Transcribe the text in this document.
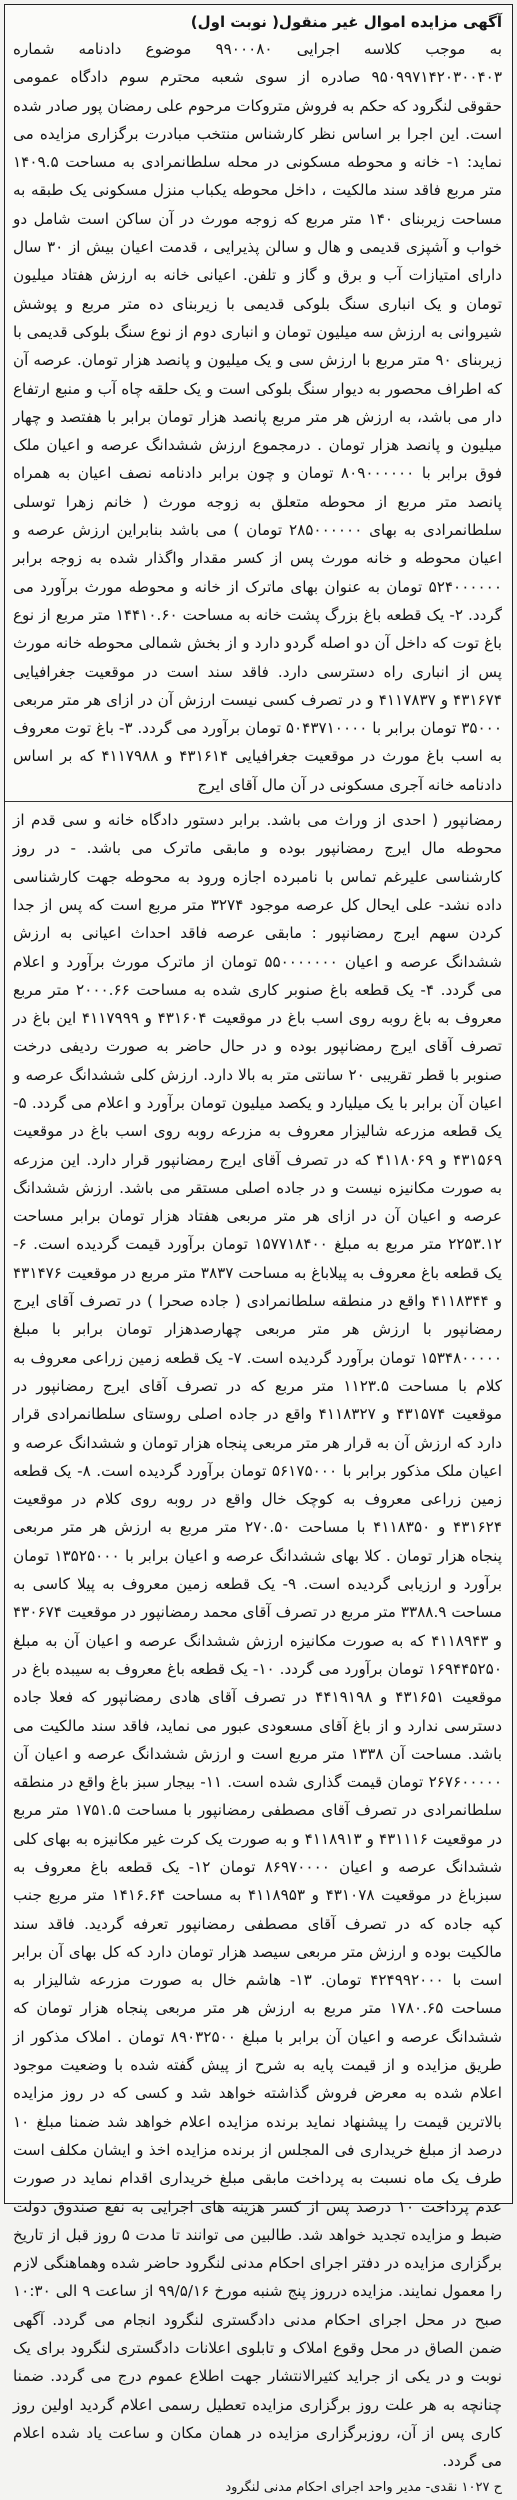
آگهی مزایده اموال غیر منقول( نوبت اول)

به موجب کلاسه اجرایی ۹۹۰۰۰۸۰ موضوع دادنامه شماره ۹۵۰۹۹۷۱۴۲۰۳۰۰۴۰۳ صادره از سوی شعبه محترم سوم دادگاه عمومی حقوقی لنگرود که حکم به فروش متروکات مرحوم علی رمضان پور صادر شده است. این اجرا بر اساس نظر کارشناس منتخب مبادرت برگزاری مزایده می نماید: ۱- خانه و محوطه مسکونی در محله سلطانمرادی به مساحت ۱۴۰۹.۵ متر مربع فاقد سند مالکیت ، داخل محوطه یکباب منزل مسکونی یک طبقه به مساحت زیربنای ۱۴۰ متر مربع که زوجه مورث در آن ساکن است شامل دو خواب و آشپزی قدیمی و هال و سالن پذیرایی ، قدمت اعیان بیش از ۳۰ سال دارای امتیازات آب و برق و گاز و تلفن. اعیانی خانه به ارزش هفتاد میلیون تومان و یک انباری سنگ بلوکی قدیمی با زیربنای ده متر مربع و پوشش شیروانی به ارزش سه میلیون تومان و انباری دوم از نوع سنگ بلوکی قدیمی با زیربنای ۹۰ متر مربع با ارزش سی و یک میلیون و پانصد هزار تومان. عرصه آن که اطراف محصور به دیوار سنگ بلوکی است و یک حلقه چاه آب و منبع ارتفاع دار می باشد، به ارزش هر متر مربع پانصد هزار تومان برابر با هفتصد و چهار میلیون و پانصد هزار تومان . درمجموع ارزش ششدانگ عرصه و اعیان ملک فوق برابر با ۸۰۹۰۰۰۰۰۰ تومان و چون برابر دادنامه نصف اعیان به همراه پانصد متر مربع از محوطه متعلق به زوجه مورث ( خانم زهرا توسلی سلطانمرادی به بهای ۲۸۵۰۰۰۰۰۰ تومان ) می باشد بنابراین ارزش عرصه و اعیان محوطه و خانه مورث پس از کسر مقدار واگذار شده به زوجه برابر ۵۲۴۰۰۰۰۰۰ تومان به عنوان بهای ماترک از خانه و محوطه مورث برآورد می گردد. ۲- یک قطعه باغ بزرگ پشت خانه به مساحت ۱۴۴۱۰.۶۰ متر مربع از نوع باغ توت که داخل آن دو اصله گردو دارد و از بخش شمالی محوطه خانه مورث پس از انباری راه دسترسی دارد. فاقد سند است در موقعیت جغرافیایی ۴۳۱۶۷۴ و ۴۱۱۷۸۳۷ و در تصرف کسی نیست ارزش آن در ازای هر متر مربعی ۳۵۰۰۰ تومان برابر با ۵۰۴۳۷۱۰۰۰۰ تومان برآورد می گردد. ۳- باغ توت معروف به اسب باغ مورث در موقعیت جغرافیایی ۴۳۱۶۱۴ و ۴۱۱۷۹۸۸ که بر اساس دادنامه خانه آجری مسکونی در آن مال آقای ایرج

رمضانپور ( احدی از وراث می باشد. برابر دستور دادگاه خانه و سی قدم از محوطه مال ایرج رمضانپور بوده و مابقی ماترک می باشد. - در روز کارشناسی علیرغم تماس با نامبرده اجازه ورود به محوطه جهت کارشناسی داده نشد- علی ایحال کل عرصه موجود ۳۲۷۴ متر مربع است که پس از جدا کردن سهم ایرج رمضانپور : مابقی عرصه فاقد احداث اعیانی به ارزش ششدانگ عرصه و اعیان ۵۵۰۰۰۰۰۰۰ تومان از ماترک مورث برآورد و اعلام می گردد. ۴- یک قطعه باغ صنوبر کاری شده به مساحت ۲۰۰۰.۶۶ متر مربع معروف به باغ روبه روی اسب باغ در موقعیت ۴۳۱۶۰۴ و ۴۱۱۷۹۹۹ این باغ در تصرف آقای ایرج رمضانپور بوده و در حال حاضر به صورت ردیفی درخت صنوبر با قطر تقریبی ۲۰ سانتی متر به بالا دارد. ارزش کلی ششدانگ عرصه و اعیان آن برابر با یک میلیارد و یکصد میلیون تومان برآورد و اعلام می گردد. ۵- یک قطعه مزرعه شالیزار معروف به مزرعه روبه روی اسب باغ در موقعیت ۴۳۱۵۶۹ و ۴۱۱۸۰۶۹ که در تصرف آقای ایرج رمضانپور قرار دارد. این مزرعه به صورت مکانیزه نیست و در جاده اصلی مستقر می باشد. ارزش ششدانگ عرصه و اعیان آن در ازای هر متر مربعی هفتاد هزار تومان برابر مساحت ۲۲۵۳.۱۲ متر مربع به مبلغ ۱۵۷۷۱۸۴۰۰ تومان برآورد قیمت گردیده است. ۶- یک قطعه باغ معروف به پیلاباغ به مساحت ۳۸۳۷ متر مربع در موقعیت ۴۳۱۴۷۶ و ۴۱۱۸۳۴۴ واقع در منطقه سلطانمرادی ( جاده صحرا ) در تصرف آقای ایرج رمضانپور با ارزش هر متر مربعی چهارصدهزار تومان برابر با مبلغ ۱۵۳۴۸۰۰۰۰۰ تومان برآورد گردیده است. ۷- یک قطعه زمین زراعی معروف به کلام با مساحت ۱۱۲۳.۵ متر مربع که در تصرف آقای ایرج رمضانپور در موقعیت ۴۳۱۵۷۴ و ۴۱۱۸۳۲۷ واقع در جاده اصلی روستای سلطانمرادی قرار دارد که ارزش آن به قرار هر متر مربعی پنجاه هزار تومان و ششدانگ عرصه و اعیان ملک مذکور برابر با ۵۶۱۷۵۰۰۰ تومان برآورد گردیده است. ۸- یک قطعه زمین زراعی معروف به کوچک خال واقع در روبه روی کلام در موقعیت ۴۳۱۶۲۴ و ۴۱۱۸۳۵۰ با مساحت ۲۷۰.۵۰ متر مربع به ارزش هر متر مربعی پنجاه هزار تومان . کلا بهای ششدانگ عرصه و اعیان برابر با ۱۳۵۲۵۰۰۰ تومان برآورد و ارزیابی گردیده است. ۹- یک قطعه زمین معروف به پیلا کاسی به مساحت ۳۳۸۸.۹ متر مربع در تصرف آقای محمد رمضانپور در موقعیت ۴۳۰۶۷۴ و ۴۱۱۸۹۴۳ که به صورت مکانیزه ارزش ششدانگ عرصه و اعیان آن به مبلغ ۱۶۹۴۴۵۲۵۰ تومان برآورد می گردد. ۱۰- یک قطعه باغ معروف به سیبده باغ در موقعیت ۴۳۱۶۵۱ و ۴۴۱۹۱۹۸ در تصرف آقای هادی رمضانپور که فعلا جاده دسترسی ندارد و از باغ آقای مسعودی عبور می نماید، فاقد سند مالکیت می باشد. مساحت آن ۱۳۳۸ متر مربع است و ارزش ششدانگ عرصه و اعیان آن ۲۶۷۶۰۰۰۰۰ تومان قیمت گذاری شده است. ۱۱- بیجار سبز باغ واقع در منطقه سلطانمرادی در تصرف آقای مصطفی رمضانپور با مساحت ۱۷۵۱.۵ متر مربع در موقعیت ۴۳۱۱۱۶ و ۴۱۱۸۹۱۳ و به صورت یک کرت غیر مکانیزه به بهای کلی ششدانگ عرصه و اعیان ۸۶۹۷۰۰۰۰ تومان ۱۲- یک قطعه باغ معروف به سبزباغ در موقعیت ۴۳۱۰۷۸ و ۴۱۱۸۹۵۳ به مساحت ۱۴۱۶.۶۴ متر مربع جنب کپه جاده که در تصرف آقای مصطفی رمضانپور تعرفه گردید. فاقد سند مالکیت بوده و ارزش متر مربعی سیصد هزار تومان دارد که کل بهای آن برابر است با ۴۲۴۹۹۲۰۰۰ تومان. ۱۳- هاشم خال به صورت مزرعه شالیزار به مساحت ۱۷۸۰.۶۵ متر مربع به ارزش هر متر مربعی پنجاه هزار تومان که ششدانگ عرصه و اعیان آن برابر با مبلغ ۸۹۰۳۲۵۰۰ تومان . املاک مذکور از طریق مزایده و از قیمت پایه به شرح از پیش گفته شده با وضعیت موجود اعلام شده به معرض فروش گذاشته خواهد شد و کسی که در روز مزایده بالاترین قیمت را پیشنهاد نماید برنده مزایده اعلام خواهد شد ضمنا مبلغ ۱۰ درصد از مبلغ خریداری فی المجلس از برنده مزایده اخذ و ایشان مکلف است طرف یک ماه نسبت به پرداخت مابقی مبلغ خریداری اقدام نماید در صورت عدم پرداخت ۱۰ درصد پس از کسر هزینه های اجرایی به نفع صندوق دولت ضبط و مزایده تجدید خواهد شد. طالبین می توانند تا مدت ۵ روز قبل از تاریخ برگزاری مزایده در دفتر اجرای احکام مدنی لنگرود حاضر شده وهماهنگی لازم را معمول نمایند. مزایده درروز پنج شنبه مورخ ۹۹/۵/۱۶ از ساعت ۹ الی ۱۰:۳۰ صبح در محل اجرای احکام مدنی دادگستری لنگرود انجام می گردد. آگهی ضمن الصاق در محل وقوع املاک و تابلوی اعلانات دادگستری لنگرود برای یک نوبت و در یکی از جراید کثیرالانتشار جهت اطلاع عموم درج می گردد. ضمنا چنانچه به هر علت روز برگزاری مزایده تعطیل رسمی اعلام گردید اولین روز کاری پس از آن، روزبرگزاری مزایده در همان مکان و ساعت یاد شده اعلام می گردد.

ح ۱۰۲۷ نقدی- مدیر واحد اجرای احکام مدنی لنگرود
